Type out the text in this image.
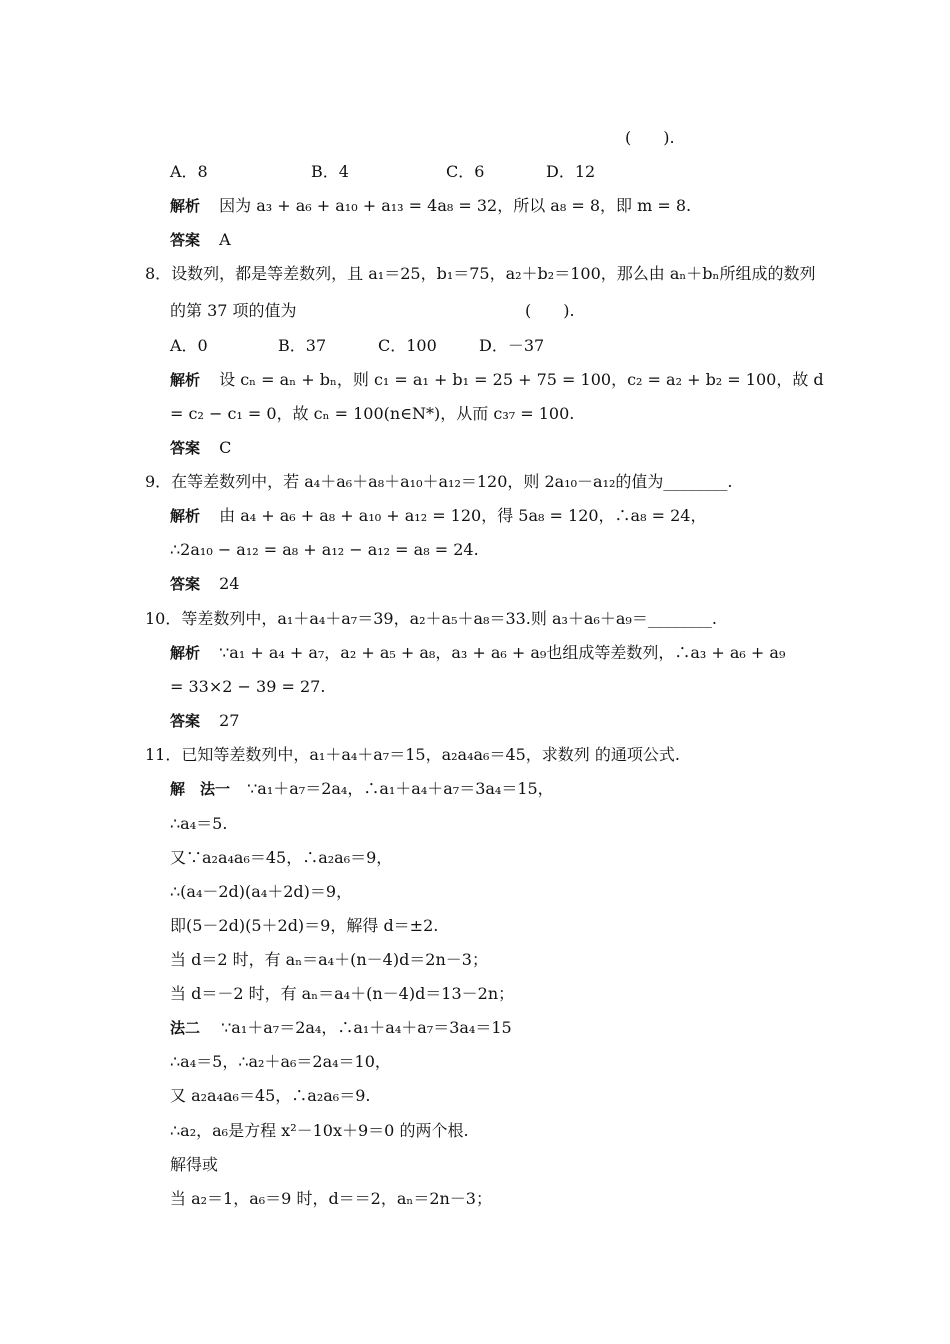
(　　).
A．8	B．4	C．6	D．12
解析 因为 a₃ + a₆ + a₁₀ + a₁₃ = 4a₈ = 32，所以 a₈ = 8，即 m = 8.
答案 A
8．设数列，都是等差数列，且 a₁＝25，b₁＝75，a₂＋b₂＝100，那么由 aₙ＋bₙ所组成的数列
的第 37 项的值为	(　　).
A．0	B．37	C．100	D．－37
解析 设 cₙ = aₙ + bₙ，则 c₁ = a₁ + b₁ = 25 + 75 = 100，c₂ = a₂ + b₂ = 100，故 d
= c₂ − c₁ = 0，故 cₙ = 100(n∈N*)，从而 c₃₇ = 100.
答案 C
9．在等差数列中，若 a₄＋a₆＋a₈＋a₁₀＋a₁₂＝120，则 2a₁₀－a₁₂的值为________.
解析 由 a₄ + a₆ + a₈ + a₁₀ + a₁₂ = 120，得 5a₈ = 120，∴a₈ = 24，
∴2a₁₀ − a₁₂ = a₈ + a₁₂ − a₁₂ = a₈ = 24.
答案 24
10．等差数列中，a₁＋a₄＋a₇＝39，a₂＋a₅＋a₈＝33.则 a₃＋a₆＋a₉＝________.
解析 ∵a₁ + a₄ + a₇，a₂ + a₅ + a₈，a₃ + a₆ + a₉也组成等差数列，∴a₃ + a₆ + a₉
= 33×2 − 39 = 27.
答案 27
11．已知等差数列中，a₁＋a₄＋a₇＝15，a₂a₄a₆＝45，求数列 的通项公式.
解　法一 ∵a₁＋a₇＝2a₄，∴a₁＋a₄＋a₇＝3a₄＝15，
∴a₄＝5.
又∵a₂a₄a₆＝45，∴a₂a₆＝9，
∴(a₄－2d)(a₄＋2d)＝9，
即(5－2d)(5＋2d)＝9，解得 d＝±2.
当 d＝2 时，有 aₙ＝a₄＋(n－4)d＝2n－3；
当 d＝－2 时，有 aₙ＝a₄＋(n－4)d＝13－2n；
法二 ∵a₁＋a₇＝2a₄，∴a₁＋a₄＋a₇＝3a₄＝15
∴a₄＝5，∴a₂＋a₆＝2a₄＝10，
又 a₂a₄a₆＝45，∴a₂a₆＝9.
∴a₂，a₆是方程 x²－10x＋9＝0 的两个根.
解得或
当 a₂＝1，a₆＝9 时，d＝＝2，aₙ＝2n－3；
